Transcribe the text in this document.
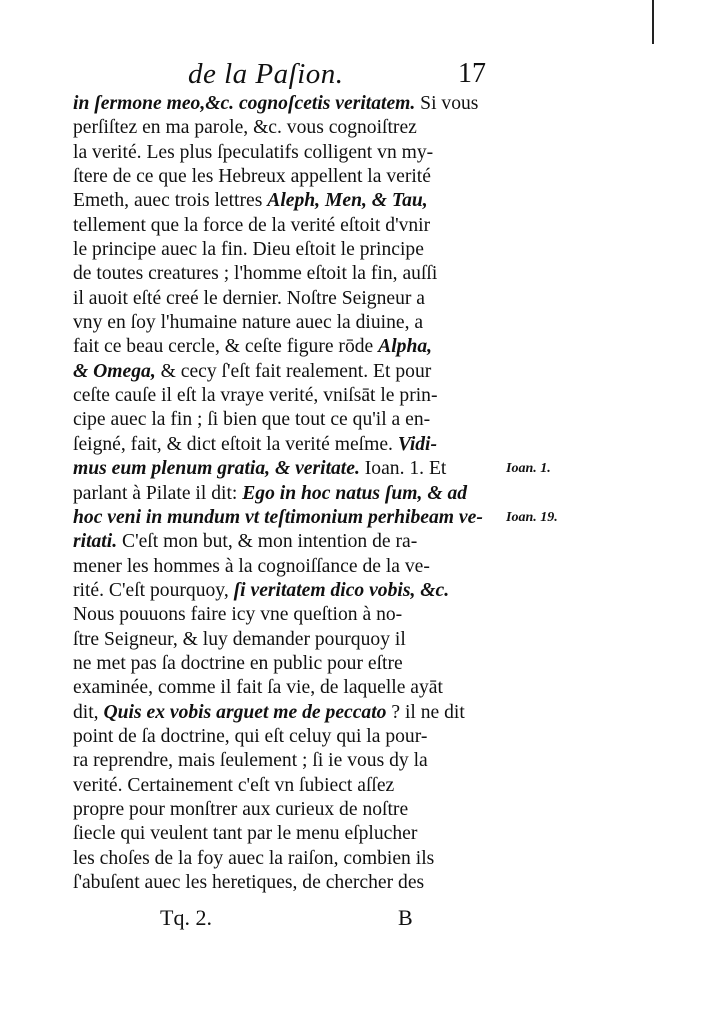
de la Paſion.	17
in ſermone meo,&c. cognoſcetis veritatem. Si vous
perſiſtez en ma parole, &c. vous cognoiſtrez
la verité. Les plus ſpeculatifs colligent vn my-
ſtere de ce que les Hebreux appellent la verité
Emeth, auec trois lettres Aleph, Men, & Tau,
tellement que la force de la verité eſtoit d'vnir
le principe auec la fin. Dieu eſtoit le principe
de toutes creatures ; l'homme eſtoit la fin, auſſi
il auoit eſté creé le dernier. Noſtre Seigneur a
vny en ſoy l'humaine nature auec la diuine, a
fait ce beau cercle, & ceſte figure rōde Alpha,
& Omega, & cecy ſ'eſt fait realement. Et pour
ceſte cauſe il eſt la vraye verité, vniſsāt le prin-
cipe auec la fin ; ſi bien que tout ce qu'il a en-
ſeigné, fait, & dict eſtoit la verité meſme. Vidi-
mus eum plenum gratia, & veritate. Ioan. 1. Et
parlant à Pilate il dit: Ego in hoc natus ſum, & ad
hoc veni in mundum vt teſtimonium perhibeam ve-
ritati. C'eſt mon but, & mon intention de ra-
mener les hommes à la cognoiſſance de la ve-
rité. C'eſt pourquoy, ſi veritatem dico vobis, &c.
Nous pouuons faire icy vne queſtion à no-
ſtre Seigneur, & luy demander pourquoy il
ne met pas ſa doctrine en public pour eſtre
examinée, comme il fait ſa vie, de laquelle ayāt
dit, Quis ex vobis arguet me de peccato ? il ne dit
point de ſa doctrine, qui eſt celuy qui la pour-
ra reprendre, mais ſeulement ; ſi ie vous dy la
verité. Certainement c'eſt vn ſubiect aſſez
propre pour monſtrer aux curieux de noſtre
ſiecle qui veulent tant par le menu eſplucher
les choſes de la foy auec la raiſon, combien ils
ſ'abuſent auec les heretiques, de chercher des
Ioan. 1.
Ioan. 19.
Tq. 2.	B
